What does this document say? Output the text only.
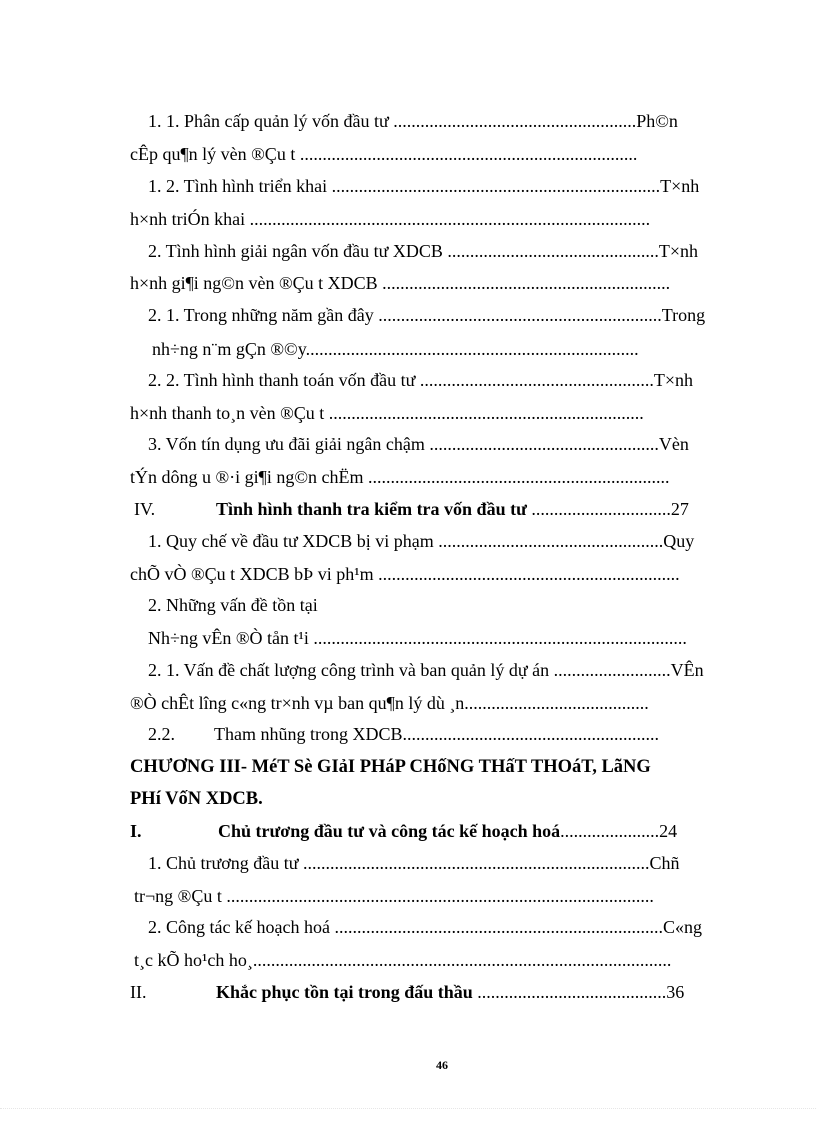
1. 1. Phân cấp quản lý vốn đầu tư ......................................................Ph©n
cÊp qu¶n lý vèn ®Çu t ...........................................................................
1. 2. Tình hình triển khai .........................................................................T×nh
h×nh triÓn khai .........................................................................................
2. Tình hình giải ngân vốn đầu tư XDCB ...............................................T×nh
h×nh gi¶i ng©n vèn ®Çu t XDCB ................................................................
2. 1. Trong những năm gần đây ...............................................................Trong
nh÷ng n¨m gÇn ®©y..........................................................................
2. 2. Tình hình thanh toán vốn đầu tư ....................................................T×nh
h×nh thanh to¸n vèn ®Çu t ......................................................................
3. Vốn tín dụng ưu đãi giải ngân chậm ...................................................Vèn
tÝn dông u ®·i gi¶i ng©n chËm ...................................................................
IV.	Tình hình thanh tra kiểm tra vốn đầu tư ...............................27
1. Quy chế về đầu tư XDCB bị vi phạm ..................................................Quy
chÕ vÒ ®Çu t XDCB bÞ vi ph¹m ...................................................................
2. Những vấn đề tồn tại
Nh÷ng vÊn ®Ò tån t¹i ...................................................................................
2. 1. Vấn đề chất lượng công trình và ban quản lý dự án ..........................VÊn
®Ò chÊt lîng c«ng tr×nh vµ ban qu¶n lý dù ¸n.........................................
2.2. Tham nhũng trong XDCB.........................................................
CHƯƠNG III- MéT Sè GIảI PHáP CHốNG THấT THOáT, LãNG
PHí VốN XDCB.
I.	Chủ trương đầu tư và công tác kế hoạch hoá......................24
1. Chủ trương đầu tư .............................................................................Chñ
tr¬ng ®Çu t ...............................................................................................
2. Công tác kế hoạch hoá .........................................................................C«ng
t¸c kÕ ho¹ch ho¸.............................................................................................
II.	Khắc phục tồn tại trong đấu thầu ..........................................36
46
